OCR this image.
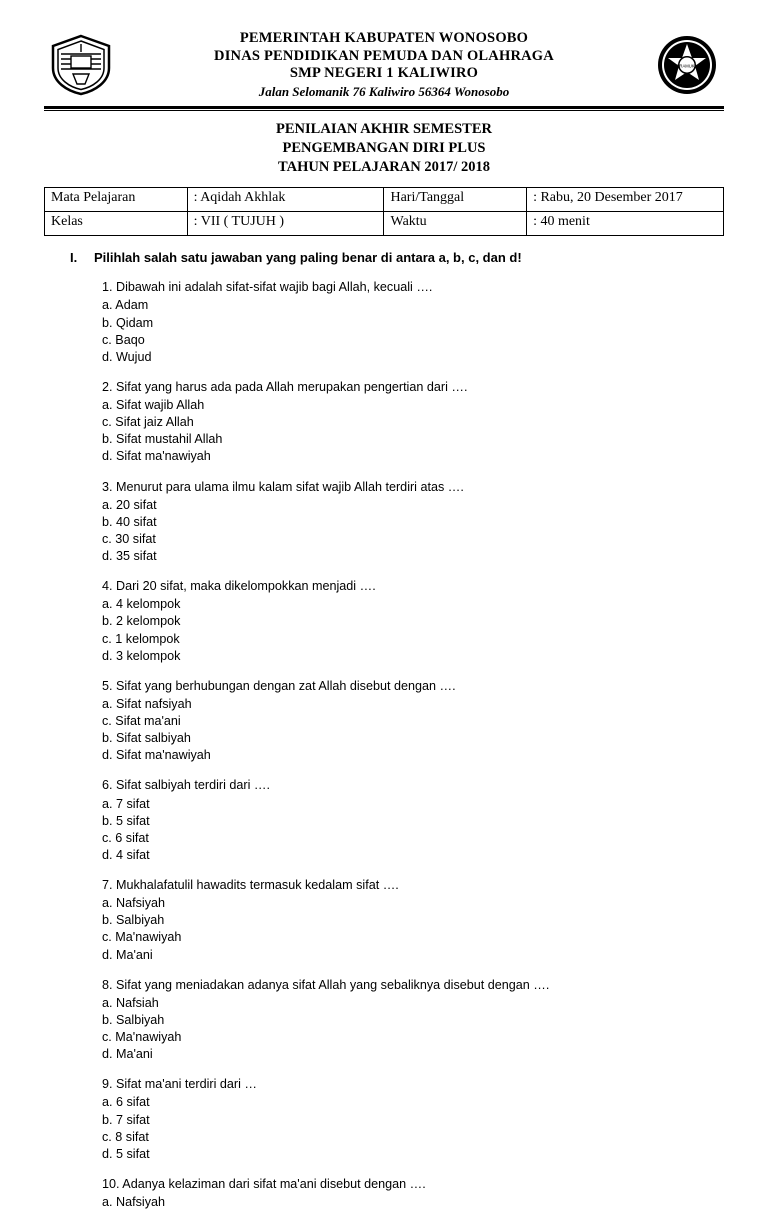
PEMERINTAH KABUPATEN WONOSOBO
DINAS PENDIDIKAN PEMUDA DAN OLAHRAGA
SMP NEGERI 1 KALIWIRO
Jalan Selomanik 76 Kaliwiro 56364 Wonosobo
PRAMUKA
PENILAIAN AKHIR SEMESTER
PENGEMBANGAN DIRI PLUS
TAHUN PELAJARAN 2017/ 2018
Mata Pelajaran	: Aqidah Akhlak	Hari/Tanggal	: Rabu, 20 Desember 2017
Kelas	: VII ( TUJUH )	Waktu	: 40 menit
I.	Pilihlah salah satu jawaban yang paling benar di antara a, b, c, dan d!
1. Dibawah ini adalah sifat-sifat wajib bagi Allah, kecuali ….
a. Adam
b. Qidam
c. Baqo
d. Wujud
2. Sifat yang harus ada pada Allah merupakan pengertian dari ….
a. Sifat wajib Allah
c. Sifat jaiz Allah
b. Sifat mustahil Allah
d. Sifat ma'nawiyah
3. Menurut para ulama ilmu kalam sifat wajib Allah terdiri atas ….
a. 20 sifat
b. 40 sifat
c. 30 sifat
d. 35 sifat
4. Dari 20 sifat, maka dikelompokkan menjadi ….
a. 4 kelompok
b. 2 kelompok
c. 1 kelompok
d. 3 kelompok
5. Sifat yang berhubungan dengan zat Allah disebut dengan ….
a. Sifat nafsiyah
c. Sifat ma'ani
b. Sifat salbiyah
d. Sifat ma'nawiyah
6. Sifat salbiyah terdiri dari ….
a. 7 sifat
b. 5 sifat
c. 6 sifat
d. 4 sifat
7. Mukhalafatulil hawadits termasuk kedalam sifat ….
a. Nafsiyah
b. Salbiyah
c. Ma'nawiyah
d. Ma'ani
8. Sifat yang meniadakan adanya sifat Allah yang sebaliknya disebut dengan ….
a. Nafsiah
b. Salbiyah
c. Ma'nawiyah
d. Ma'ani
9. Sifat ma'ani terdiri dari …
a. 6 sifat
b. 7 sifat
c. 8 sifat
d. 5 sifat
10. Adanya kelaziman dari sifat ma'ani disebut dengan ….
a. Nafsiyah
